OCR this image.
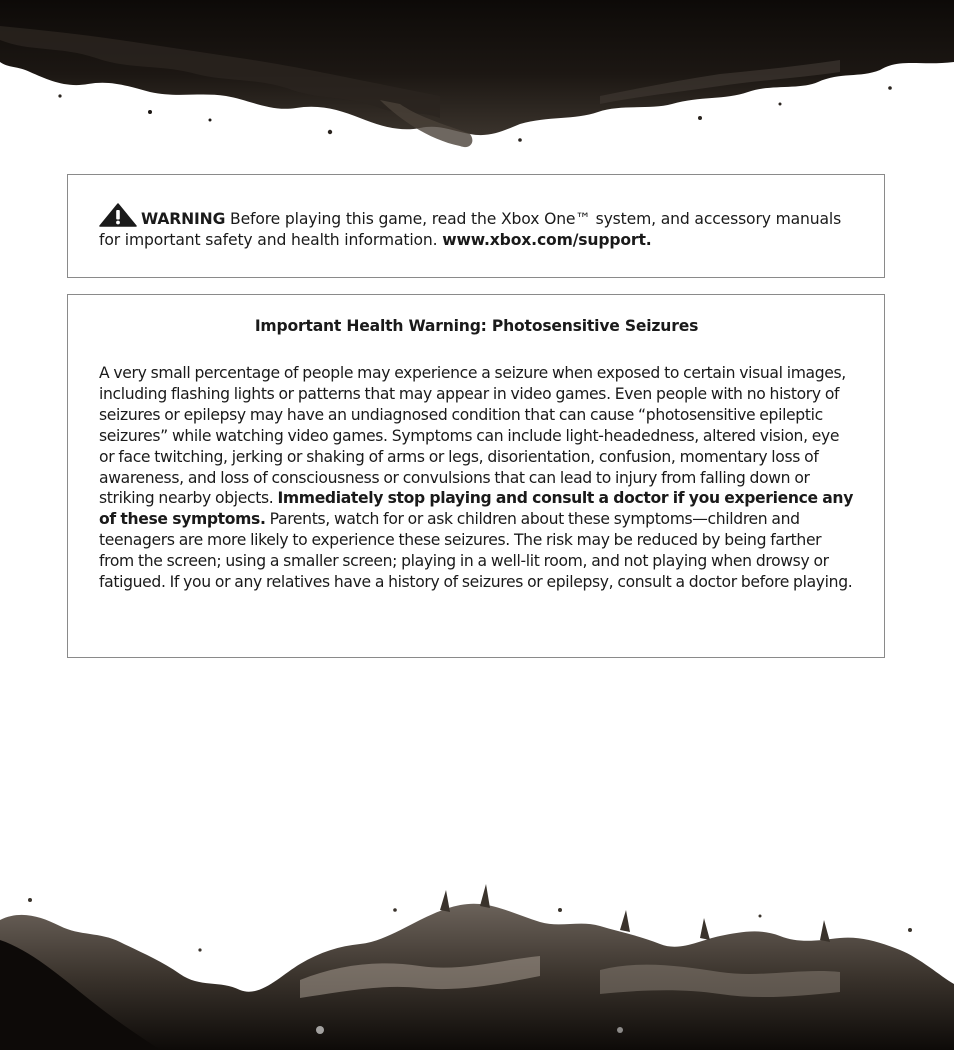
WARNING Before playing this game, read the Xbox One™ system, and accessory manuals for important safety and health information. www.xbox.com/support.

Important Health Warning: Photosensitive Seizures

A very small percentage of people may experience a seizure when exposed to certain visual images, including flashing lights or patterns that may appear in video games. Even people with no history of seizures or epilepsy may have an undiagnosed condition that can cause “photosensitive epileptic seizures” while watching video games. Symptoms can include light-headedness, altered vision, eye or face twitching, jerking or shaking of arms or legs, disorientation, confusion, momentary loss of awareness, and loss of consciousness or convulsions that can lead to injury from falling down or striking nearby objects. Immediately stop playing and consult a doctor if you experience any of these symptoms. Parents, watch for or ask children about these symptoms—children and teenagers are more likely to experience these seizures. The risk may be reduced by being farther from the screen; using a smaller screen; playing in a well-lit room, and not playing when drowsy or fatigued. If you or any relatives have a history of seizures or epilepsy, consult a doctor before playing.
